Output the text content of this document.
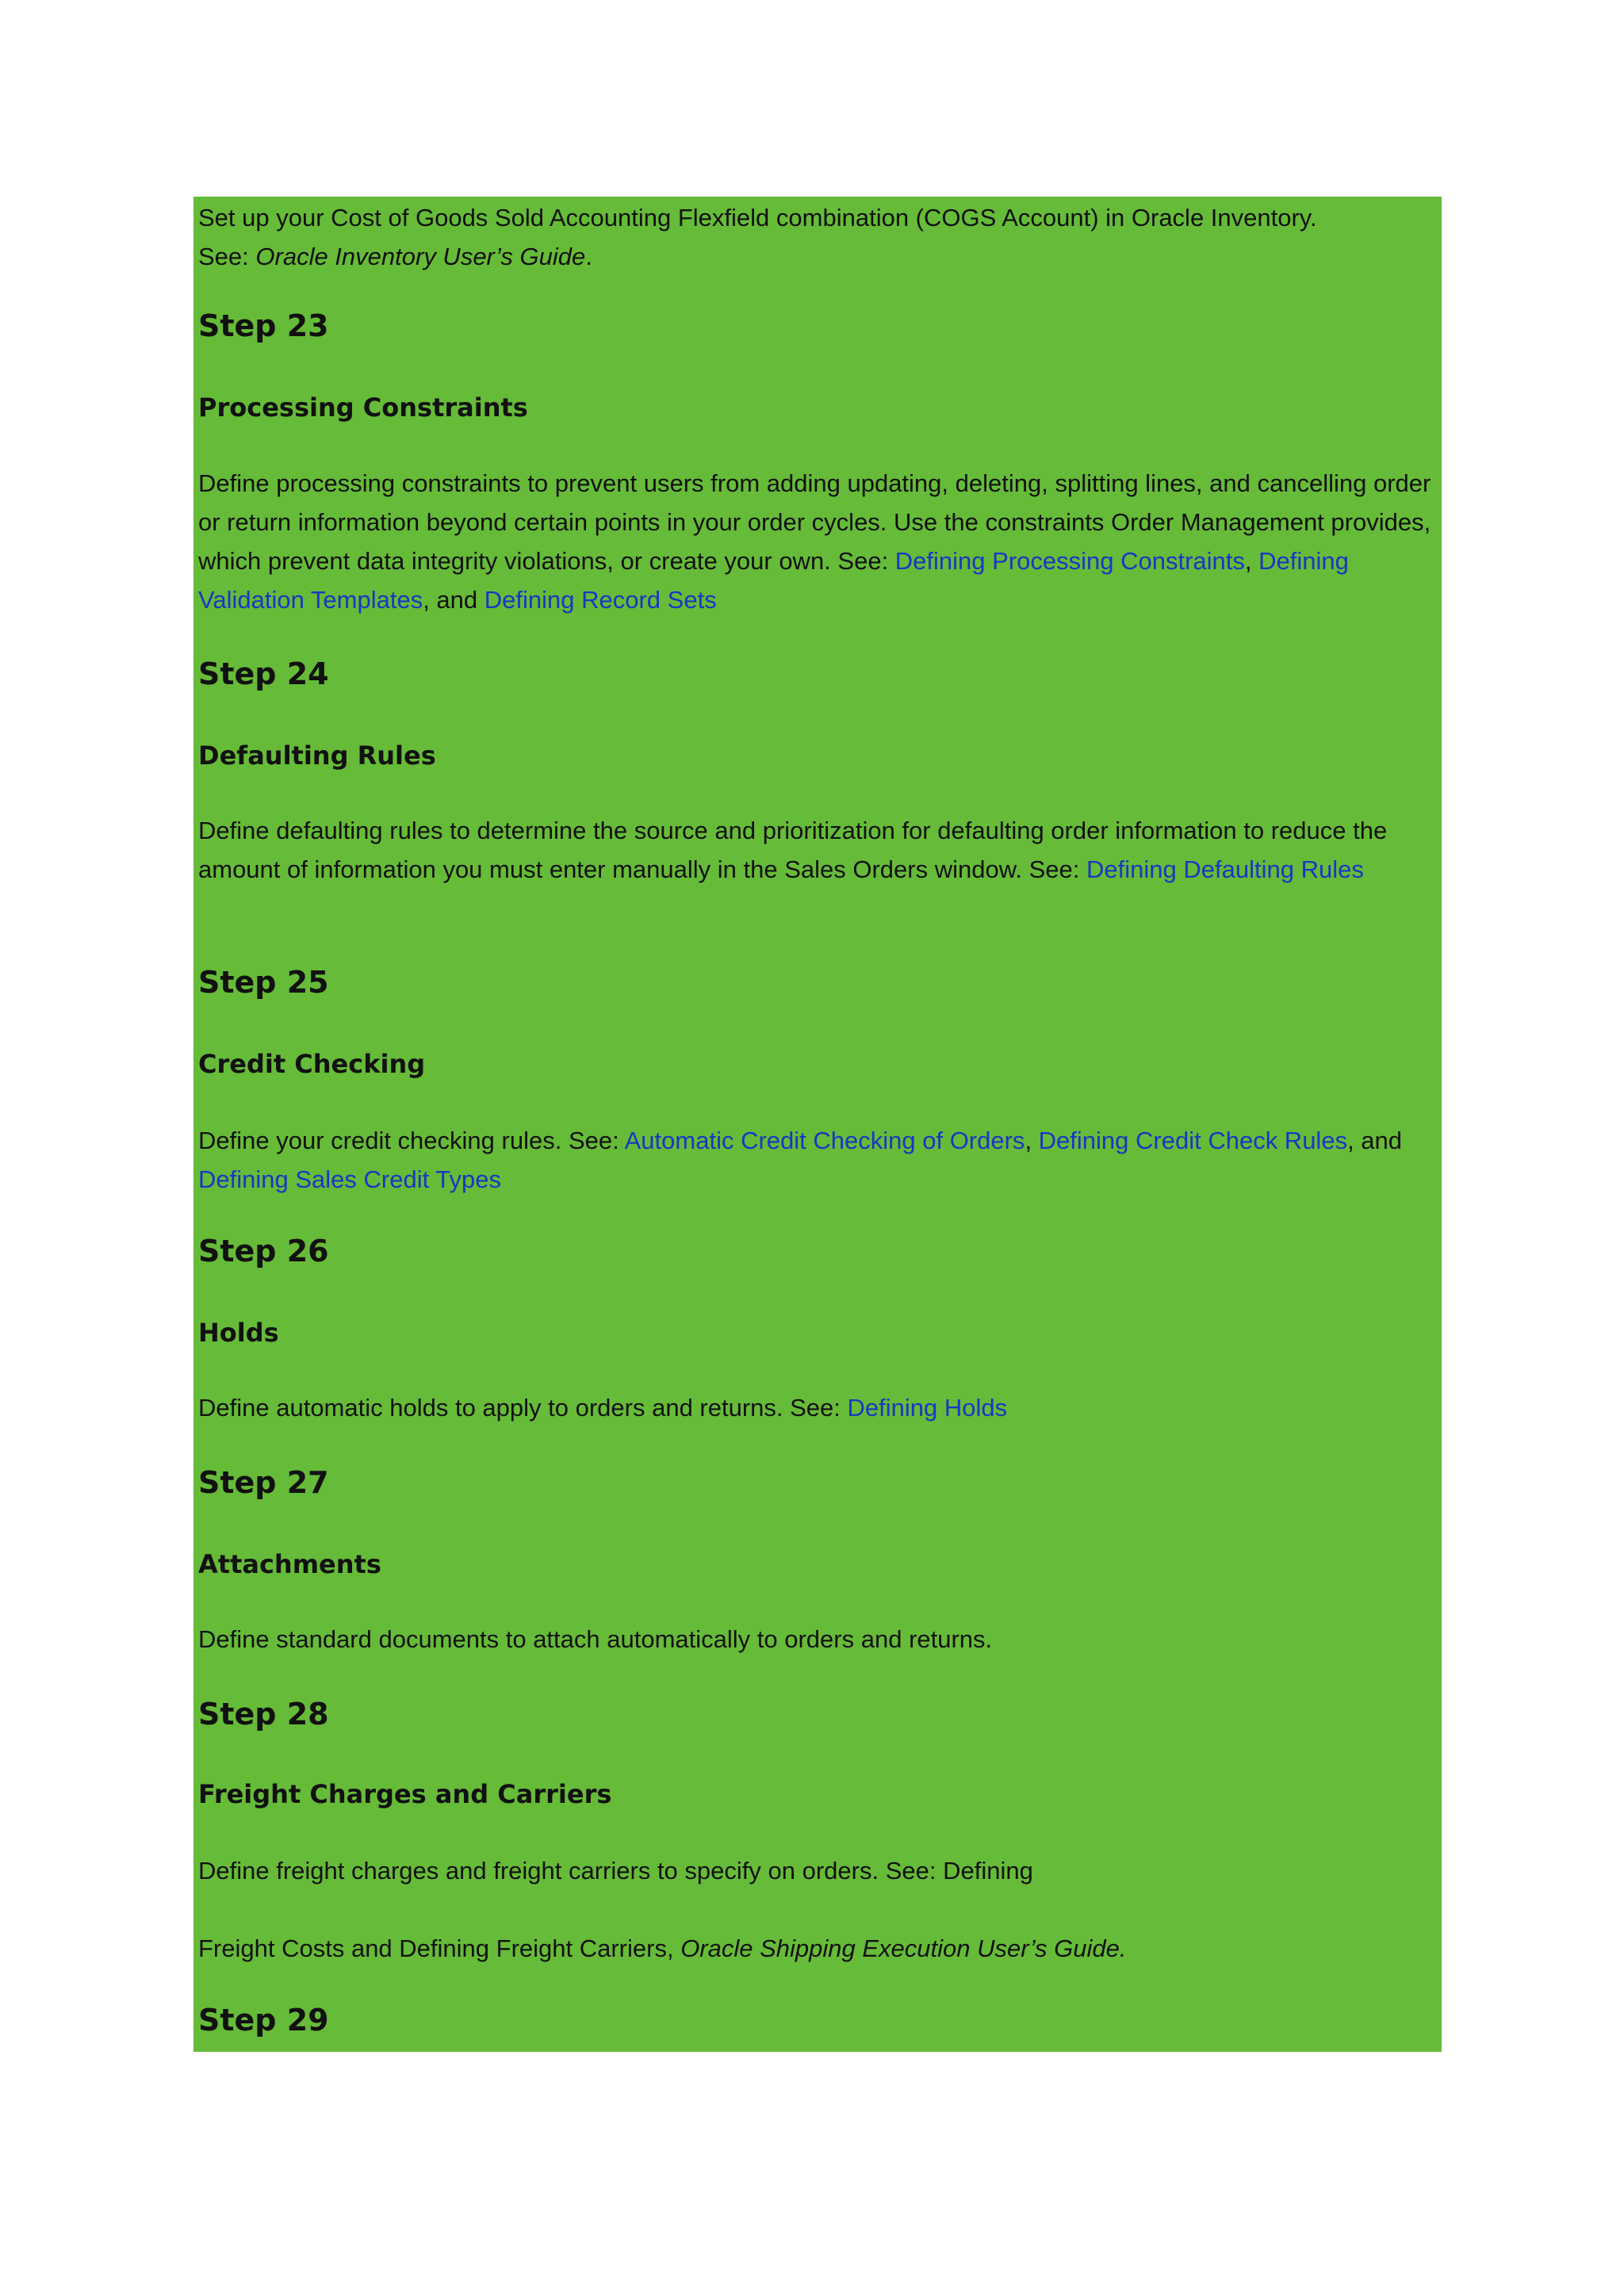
Set up your Cost of Goods Sold Accounting Flexfield combination (COGS Account) in Oracle Inventory.
See: Oracle Inventory User’s Guide.

Step 23
Processing Constraints

Define processing constraints to prevent users from adding updating, deleting, splitting lines, and cancelling order or return information beyond certain points in your order cycles. Use the constraints Order Management provides, which prevent data integrity violations, or create your own. See: Defining Processing Constraints, Defining Validation Templates, and Defining Record Sets

Step 24
Defaulting Rules

Define defaulting rules to determine the source and prioritization for defaulting order information to reduce the amount of information you must enter manually in the Sales Orders window. See: Defining Defaulting Rules

Step 25
Credit Checking

Define your credit checking rules. See: Automatic Credit Checking of Orders, Defining Credit Check Rules, and Defining Sales Credit Types

Step 26
Holds

Define automatic holds to apply to orders and returns. See: Defining Holds

Step 27
Attachments

Define standard documents to attach automatically to orders and returns.

Step 28
Freight Charges and Carriers

Define freight charges and freight carriers to specify on orders. See: Defining

Freight Costs and Defining Freight Carriers, Oracle Shipping Execution User’s Guide.

Step 29
